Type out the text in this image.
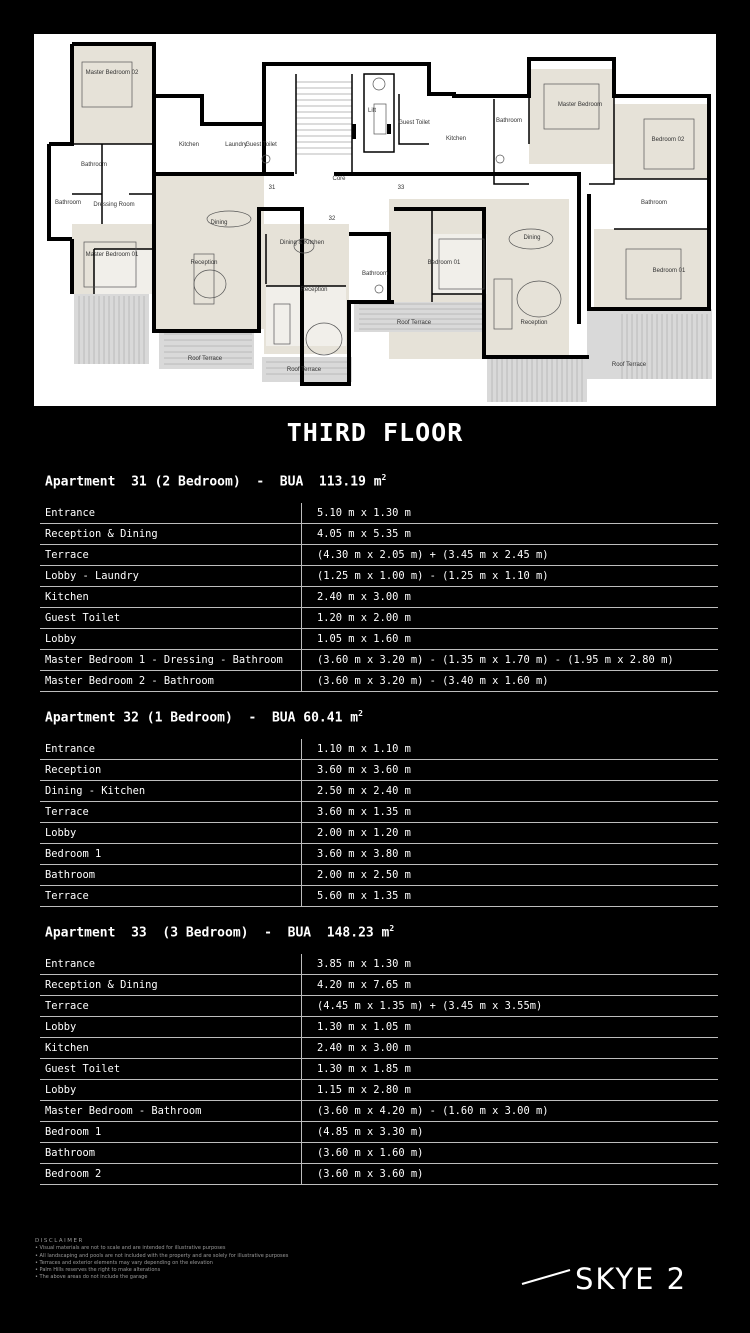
Master Bedroom 02
Kitchen	Laundry
Guest Toilet
Bathroom
Bathroom Dressing Room
Dining
Master Bedroom 01
Reception
Roof Terrace
Lift
Core
31
32
33
Dining & Kitchen
Reception
Roof Terrace
Bathroom
Bedroom 01
Roof Terrace
Guest Toilet
Kitchen
Bathroom
Master Bedroom
Bedroom 02
Bathroom
Dining
Reception
Bedroom 01
Roof Terrace
THIRD FLOOR
Apartment  31 (2 Bedroom)  -  BUA  113.19 $m^2$
Entrance	5.10 m x 1.30 m
Reception & Dining	4.05 m x 5.35 m
Terrace	(4.30 m x 2.05 m) + (3.45 m x 2.45 m)
Lobby - Laundry	(1.25 m x 1.00 m) - (1.25 m x 1.10 m)
Kitchen	2.40 m x 3.00 m
Guest Toilet	1.20 m x 2.00 m
Lobby	1.05 m x 1.60 m
Master Bedroom 1 - Dressing - Bathroom	(3.60 m x 3.20 m) - (1.35 m x 1.70 m) - (1.95 m x 2.80 m)
Master Bedroom 2 - Bathroom	(3.60 m x 3.20 m) - (3.40 m x 1.60 m)
Apartment 32 (1 Bedroom)  -  BUA 60.41 $m^2$
Entrance	1.10 m x 1.10 m
Reception	3.60 m x 3.60 m
Dining - Kitchen	2.50 m x 2.40 m
Terrace	3.60 m x 1.35 m
Lobby	2.00 m x 1.20 m
Bedroom 1	3.60 m x 3.80 m
Bathroom	2.00 m x 2.50 m
Terrace	5.60 m x 1.35 m
Apartment  33  (3 Bedroom)  -  BUA  148.23 $m^2$
Entrance	3.85 m x 1.30 m
Reception & Dining	4.20 m x 7.65 m
Terrace	(4.45 m x 1.35 m) + (3.45 m x 3.55m)
Lobby	1.30 m x 1.05 m
Kitchen	2.40 m x 3.00 m
Guest Toilet	1.30 m x 1.85 m
Lobby	1.15 m x 2.80 m
Master Bedroom - Bathroom	(3.60 m x 4.20 m) - (1.60 m x 3.00 m)
Bedroom 1	(4.85 m x 3.30 m)
Bathroom	(3.60 m x 1.60 m)
Bedroom 2	(3.60 m x 3.60 m)
DISCLAIMER
• Visual materials are not to scale and are intended for illustrative purposes
• All landscaping and pools are not included with the property and are solely for illustrative purposes
• Terraces and exterior elements may vary depending on the elevation
• Palm Hills reserves the right to make alterations
• The above areas do not include the garage	SKYE 2
